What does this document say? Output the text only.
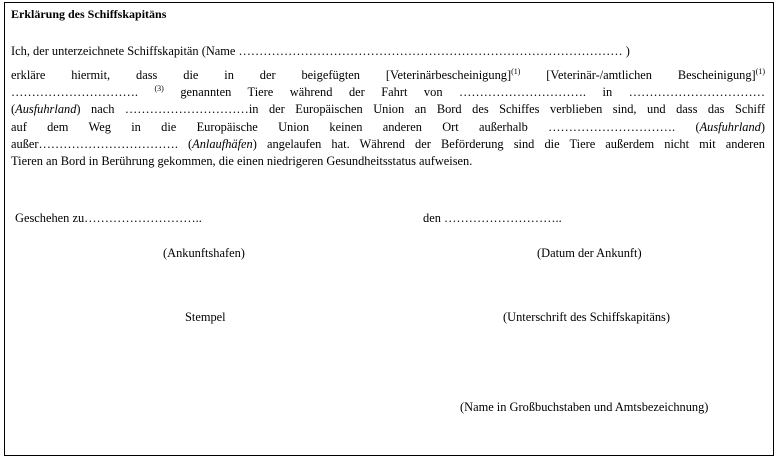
Erklärung des Schiffskapitäns
Ich, der unterzeichnete Schiffskapitän (Name ………………………………………………………………………………… )
erkläre hiermit, dass die in der beigefügten [Veterinärbescheinigung]$^{(1)}$ [Veterinär-/amtlichen Bescheinigung]$^{(1)}$
…………………………. $^{(3)}$ genannten Tiere während der Fahrt von …………………………. in ……………………………
(Ausfuhrland) nach …………………………in der Europäischen Union an Bord des Schiffes verblieben sind, und dass das Schiff
auf dem Weg in die Europäische Union keinen anderen Ort außerhalb …………………………. (Ausfuhrland)
außer……………………………. (Anlaufhäfen) angelaufen hat. Während der Beförderung sind die Tiere außerdem nicht mit anderen
Tieren an Bord in Berührung gekommen, die einen niedrigeren Gesundheitsstatus aufweisen.
Geschehen zu………………………..	den ………………………..
(Ankunftshafen)	(Datum der Ankunft)
Stempel	(Unterschrift des Schiffskapitäns)
(Name in Großbuchstaben und Amtsbezeichnung)
